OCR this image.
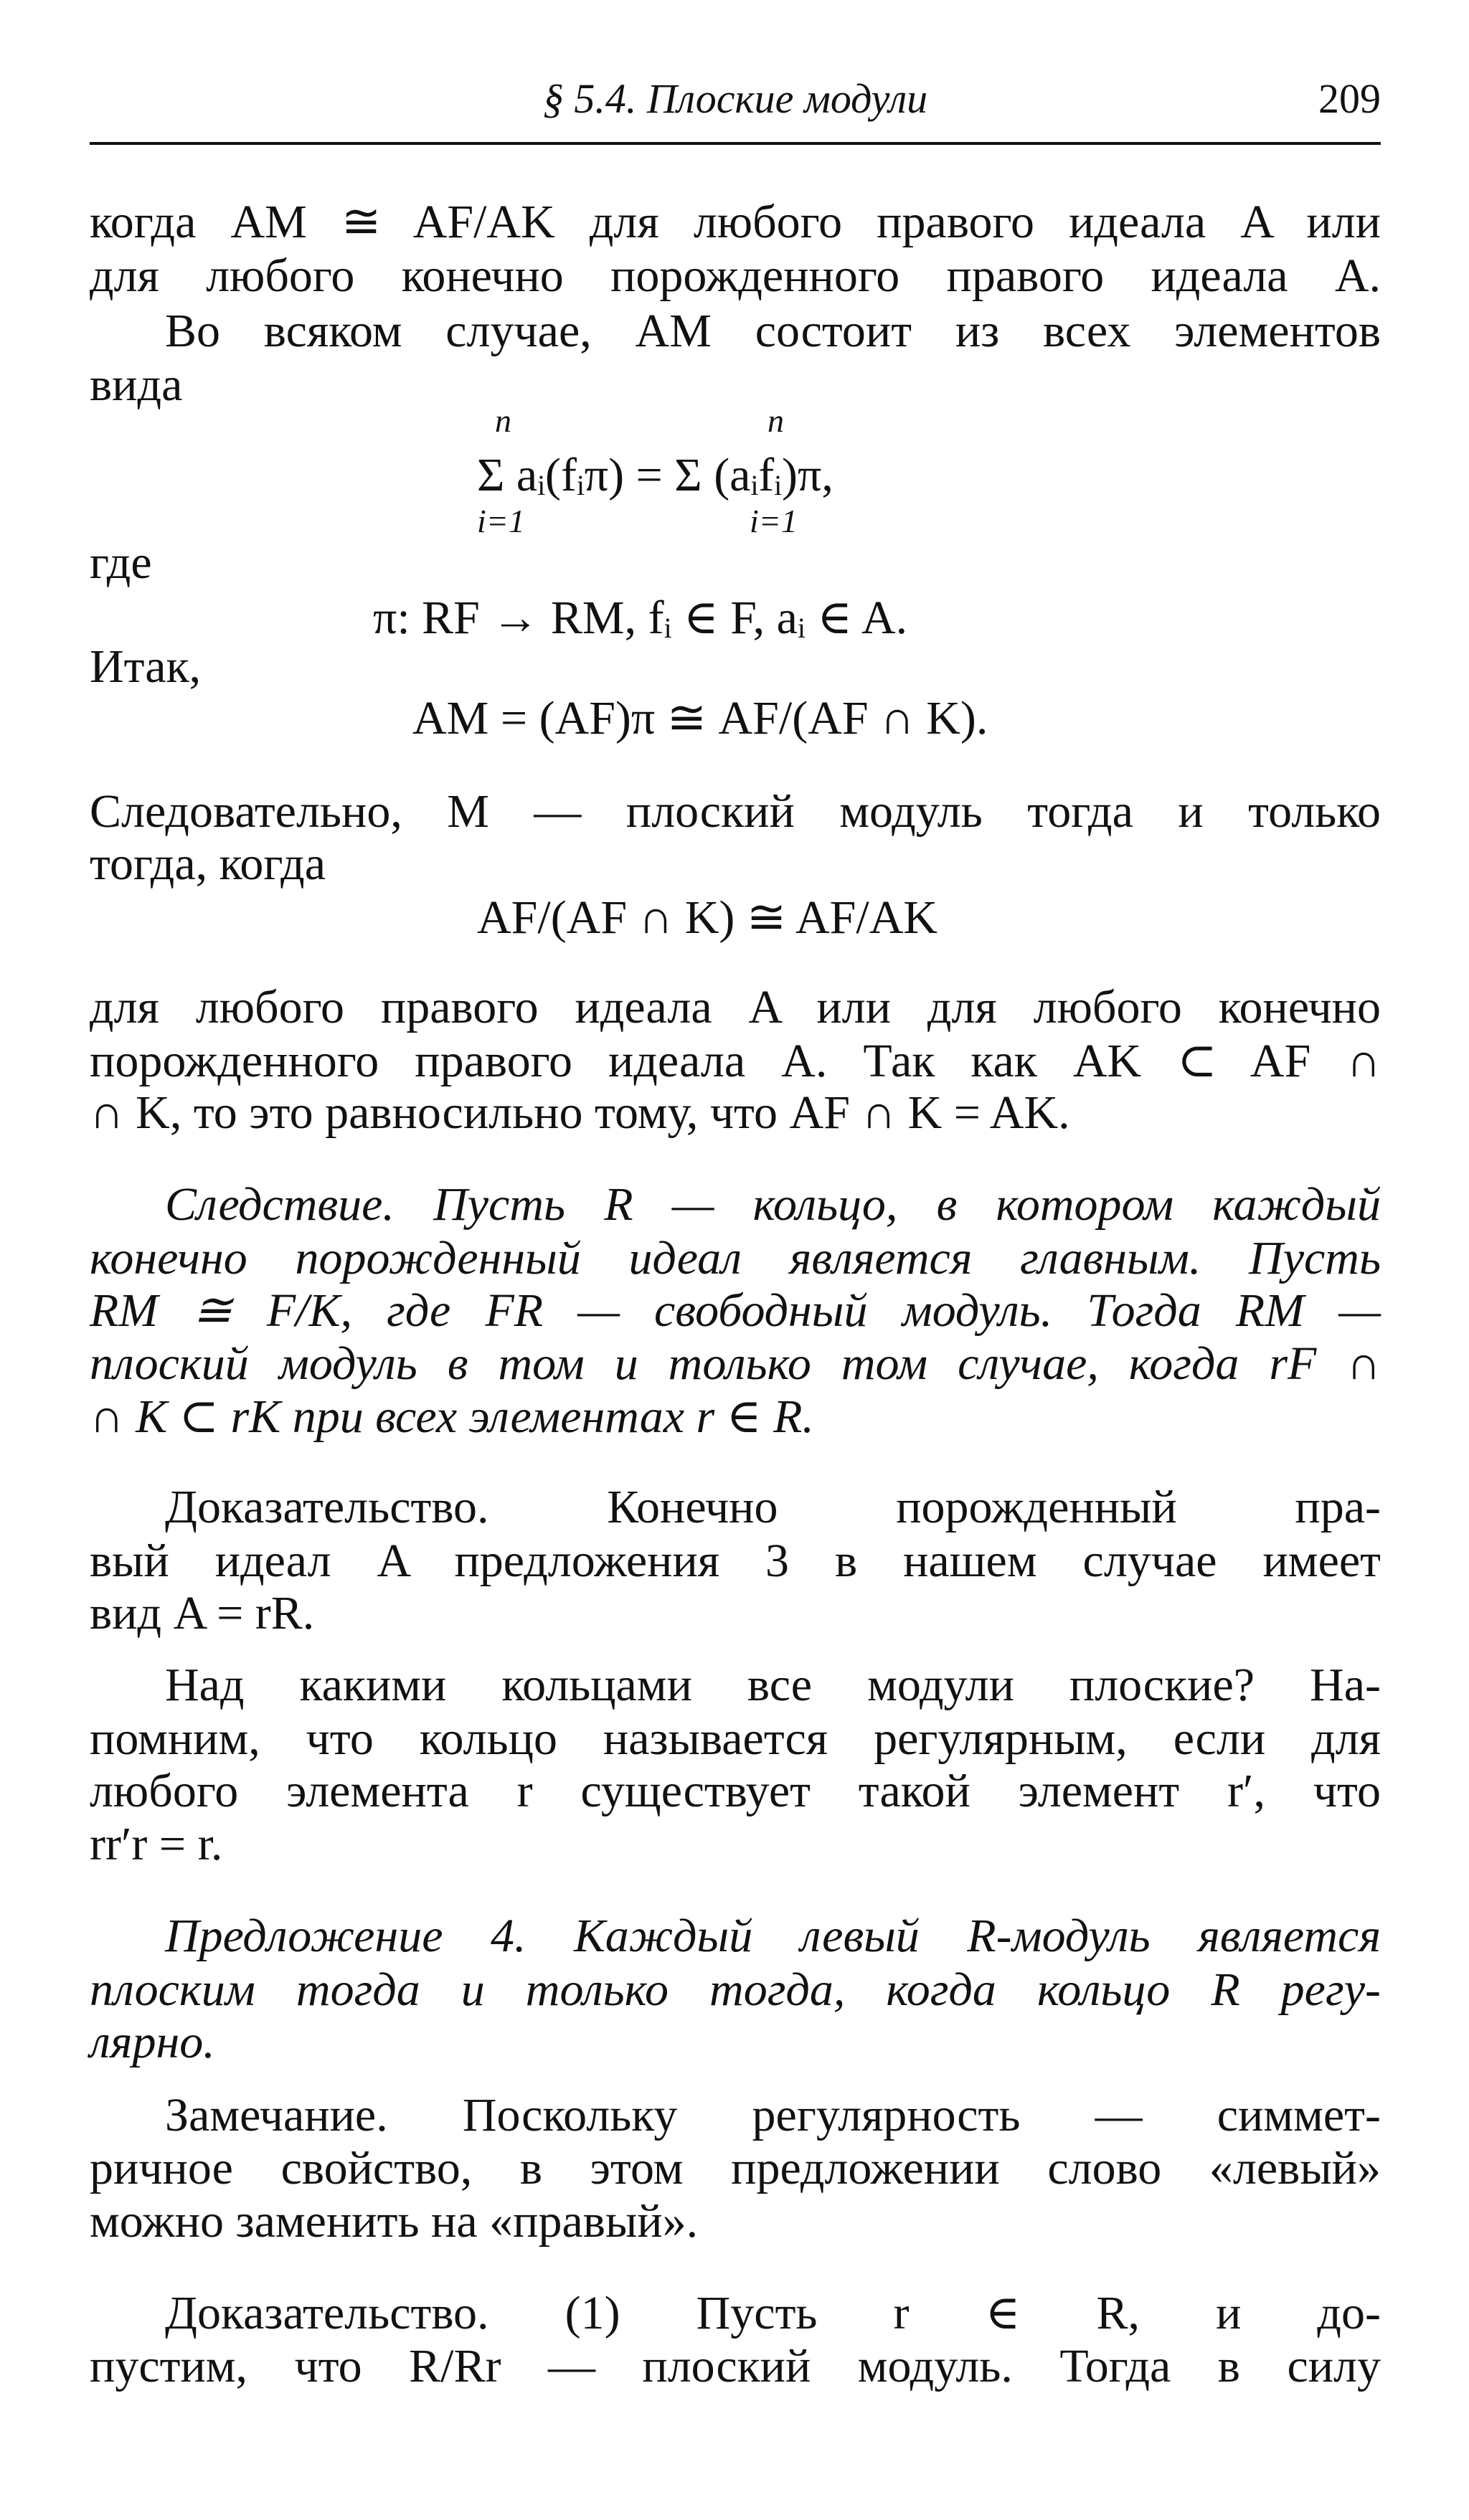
§ 5.4. Плоские модули	209
когда AM ≅ AF/AK для любого правого идеала A или
для любого конечно порожденного правого идеала A.
Во всяком случае, AM состоит из всех элементов
вида
n	n
Σ aᵢ(fᵢπ) = Σ (aᵢfᵢ)π,
i=1	i=1
где
π: RF → RM, fᵢ ∈ F, aᵢ ∈ A.
Итак,
AM = (AF)π ≅ AF/(AF ∩ K).
Следовательно, M — плоский модуль тогда и только
тогда, когда
AF/(AF ∩ K) ≅ AF/AK
для любого правого идеала A или для любого конечно
порожденного правого идеала A. Так как AK ⊂ AF ∩
∩ K, то это равносильно тому, что AF ∩ K = AK.
Следствие. Пусть R — кольцо, в котором каждый
конечно порожденный идеал является главным. Пусть
RM ≅ F/K, где FR — свободный модуль. Тогда RM —
плоский модуль в том и только том случае, когда rF ∩
∩ K ⊂ rK при всех элементах r ∈ R.
Доказательство. Конечно порожденный пра-
вый идеал A предложения 3 в нашем случае имеет
вид A = rR.
Над какими кольцами все модули плоские? На-
помним, что кольцо называется регулярным, если для
любого элемента r существует такой элемент r′, что
rr′r = r.
Предложение 4. Каждый левый R-модуль является
плоским тогда и только тогда, когда кольцо R регу-
лярно.
Замечание. Поскольку регулярность — симмет-
ричное свойство, в этом предложении слово «левый»
можно заменить на «правый».
Доказательство. (1) Пусть r ∈ R, и до-
пустим, что R/Rr — плоский модуль. Тогда в силу
